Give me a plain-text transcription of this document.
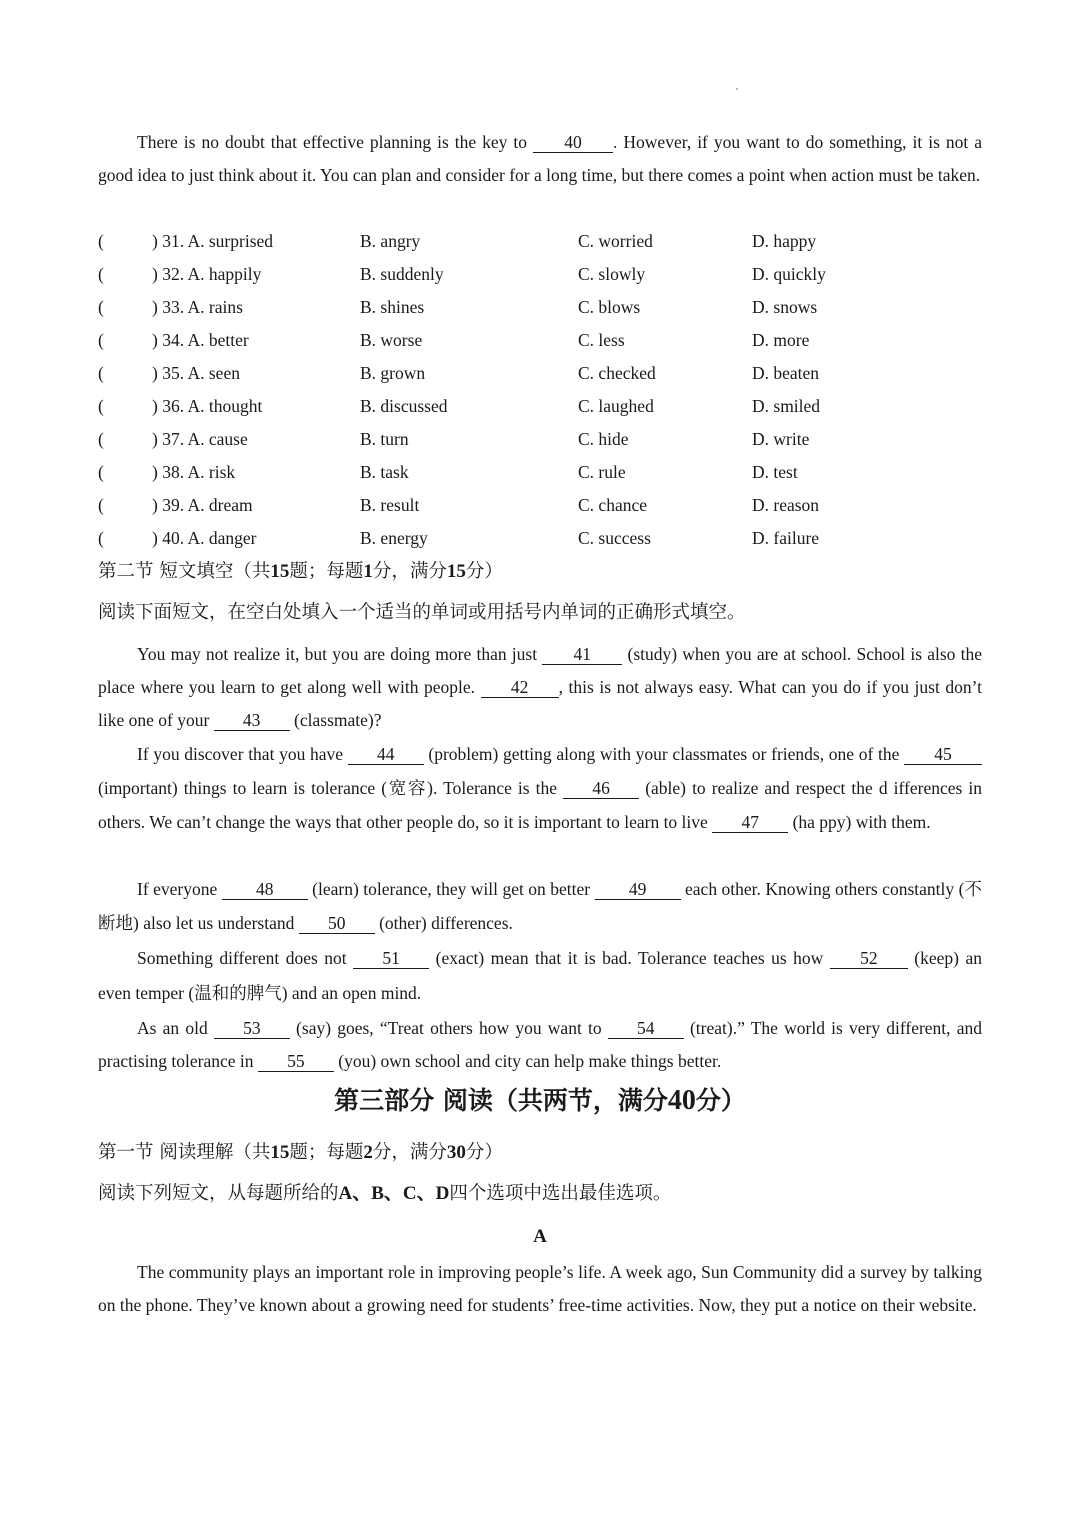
There is no doubt that effective planning is the key to 40 . However, if you want to do something, it is not a good idea to just think about it. You can plan and consider for a long time, but there comes a point when action must be taken.
(	) 31. A. surprised	B. angry	C. worried	D. happy
(	) 32. A. happily	B. suddenly	C. slowly	D. quickly
(	) 33. A. rains	B. shines	C. blows	D. snows
(	) 34. A. better	B. worse	C. less	D. more
(	) 35. A. seen	B. grown	C. checked	D. beaten
(	) 36. A. thought	B. discussed	C. laughed	D. smiled
(	) 37. A. cause	B. turn	C. hide	D. write
(	) 38. A. risk	B. task	C. rule	D. test
(	) 39. A. dream	B. result	C. chance	D. reason
(	) 40. A. danger	B. energy	C. success	D. failure
第二节 短文填空（共15题；每题1分，满分15分）
阅读下面短文，在空白处填入一个适当的单词或用括号内单词的正确形式填空。
You may not realize it, but you are doing more than just 41 (study) when you are at school. School is also the place where you learn to get along well with people. 42 , this is not always easy. What can you do if you just don’t like one of your 43 (classmate)?
If you discover that you have 44 (problem) getting along with your classmates or friends, one of the 45 (important) things to learn is tolerance (宽容). Tolerance is the 46 (able) to realize and respect the d ifferences in others. We can’t change the ways that other people do, so it is important to learn to live 47 (ha ppy) with them.
If everyone 48 (learn) tolerance, they will get on better 49 each other. Knowing others constantly (不断地) also let us understand 50 (other) differences.
Something different does not 51 (exact) mean that it is bad. Tolerance teaches us how 52 (keep) an even temper (温和的脾气) and an open mind.
As an old 53 (say) goes, “Treat others how you want to 54 (treat).” The world is very different, and practising tolerance in 55 (you) own school and city can help make things better.
第三部分 阅读（共两节，满分40分）
第一节 阅读理解（共15题；每题2分，满分30分）
阅读下列短文，从每题所给的A、B、C、D四个选项中选出最佳选项。
A
The community plays an important role in improving people’s life. A week ago, Sun Community did a survey by talking on the phone. They’ve known about a growing need for students’ free-time activities. Now, they put a notice on their website.
